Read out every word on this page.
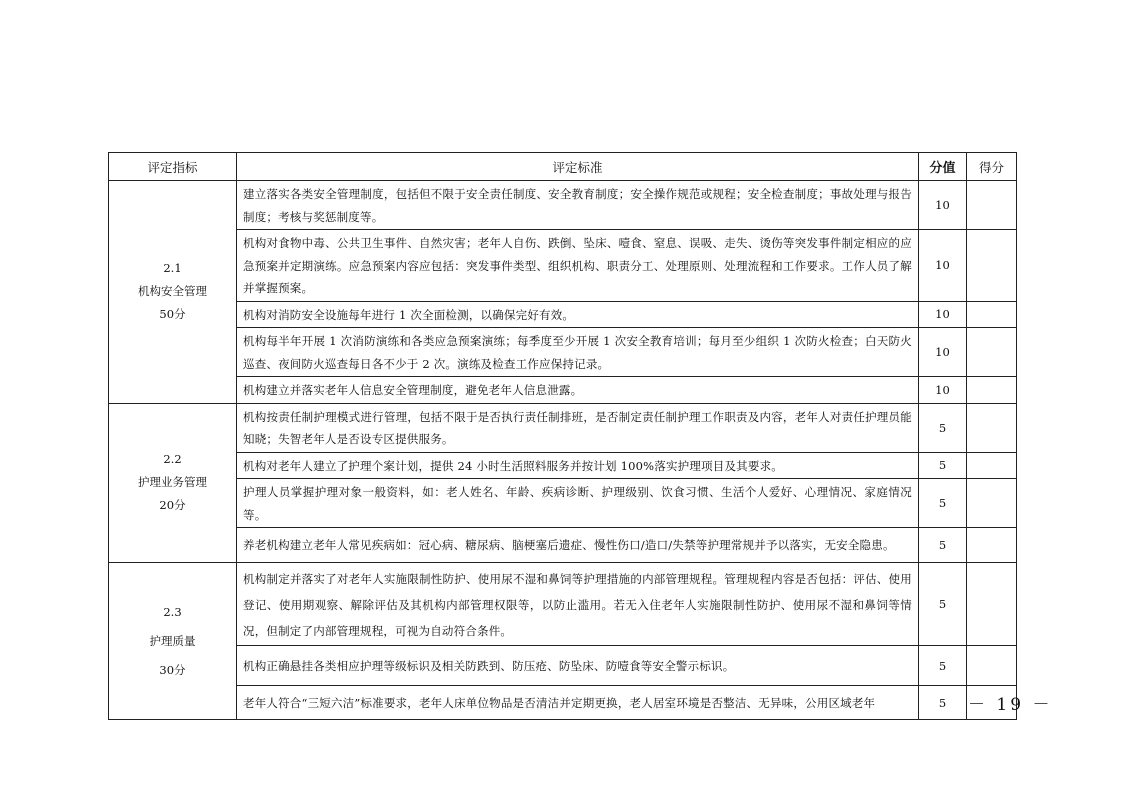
评定指标	评定标准	分值	得分

2.1
机构安全管理
50分	建立落实各类安全管理制度，包括但不限于安全责任制度、安全教育制度；安全操作规范或规程；安全检查制度；事故处理与报告制度；考核与奖惩制度等。	10	
	机构对食物中毒、公共卫生事件、自然灾害；老年人自伤、跌倒、坠床、噎食、窒息、误吸、走失、烫伤等突发事件制定相应的应急预案并定期演练。应急预案内容应包括：突发事件类型、组织机构、职责分工、处理原则、处理流程和工作要求。工作人员了解并掌握预案。	10	
	机构对消防安全设施每年进行 1 次全面检测，以确保完好有效。	10	
	机构每半年开展 1 次消防演练和各类应急预案演练；每季度至少开展 1 次安全教育培训；每月至少组织 1 次防火检查；白天防火巡查、夜间防火巡查每日各不少于 2 次。演练及检查工作应保持记录。	10	
	机构建立并落实老年人信息安全管理制度，避免老年人信息泄露。	10	

2.2
护理业务管理
20分	机构按责任制护理模式进行管理，包括不限于是否执行责任制排班，是否制定责任制护理工作职责及内容，老年人对责任护理员能知晓；失智老年人是否设专区提供服务。	5	
	机构对老年人建立了护理个案计划，提供 24 小时生活照料服务并按计划 100%落实护理项目及其要求。	5	
	护理人员掌握护理对象一般资料，如：老人姓名、年龄、疾病诊断、护理级别、饮食习惯、生活个人爱好、心理情况、家庭情况等。	5	
	养老机构建立老年人常见疾病如：冠心病、糖尿病、脑梗塞后遗症、慢性伤口/造口/失禁等护理常规并予以落实，无安全隐患。	5	

2.3
护理质量
30分	机构制定并落实了对老年人实施限制性防护、使用尿不湿和鼻饲等护理措施的内部管理规程。管理规程内容是否包括：评估、使用登记、使用期观察、解除评估及其机构内部管理权限等，以防止滥用。若无入住老年人实施限制性防护、使用尿不湿和鼻饲等情况，但制定了内部管理规程，可视为自动符合条件。	5	
	机构正确悬挂各类相应护理等级标识及相关防跌到、防压疮、防坠床、防噎食等安全警示标识。	5	
	老年人符合“三短六洁”标准要求，老年人床单位物品是否清洁并定期更换，老人居室环境是否整洁、无异味，公用区域老年	5	－ 19 －
